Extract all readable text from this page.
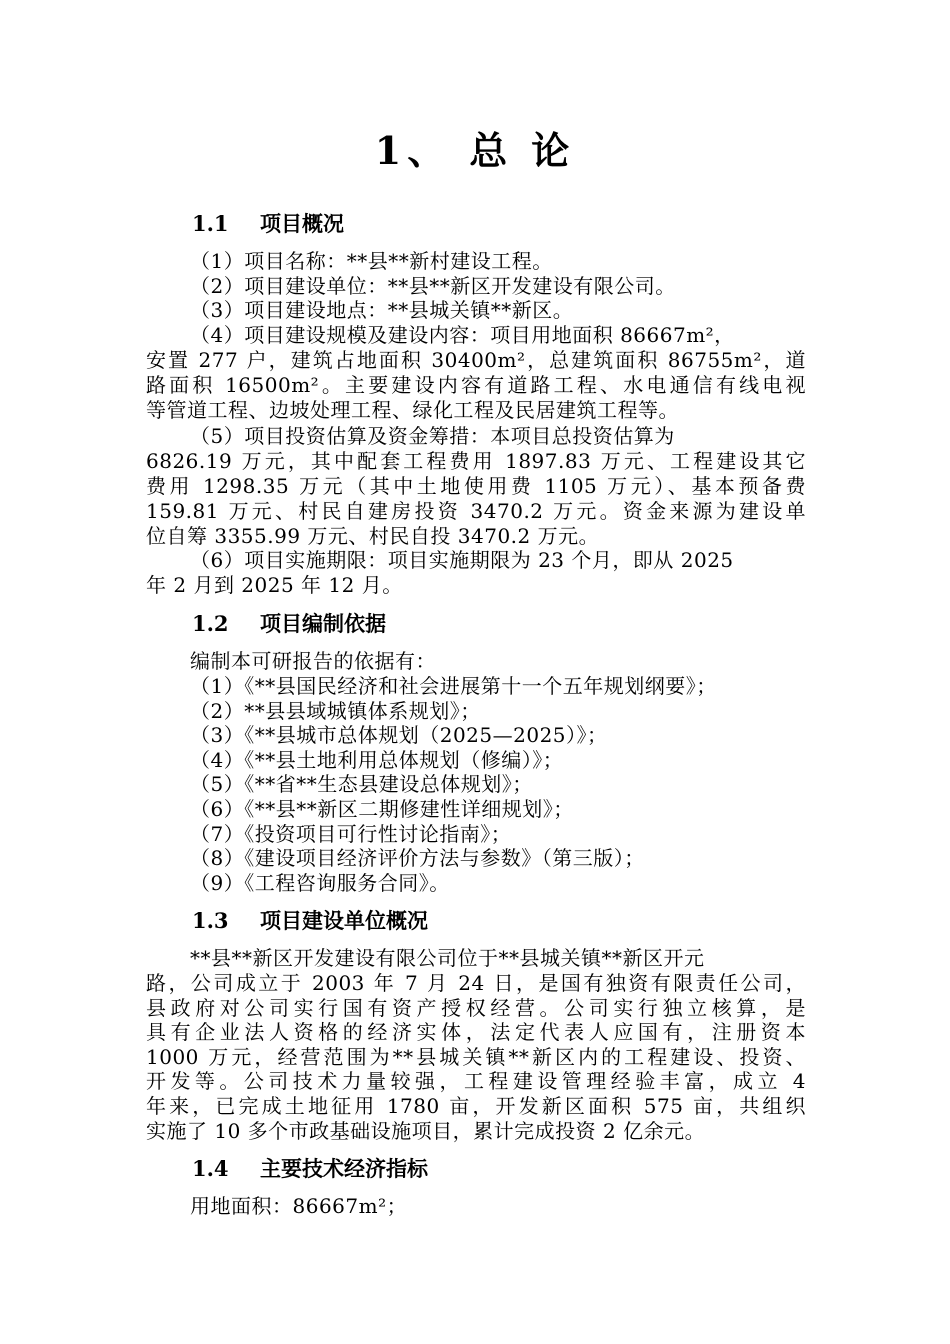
1、 总 论
1.1 项目概况
（1）项目名称：**县**新村建设工程。
（2）项目建设单位：**县**新区开发建设有限公司。
（3）项目建设地点：**县城关镇**新区。
（4）项目建设规模及建设内容：项目用地面积 86667m²，
安置 277 户，建筑占地面积 30400m²，总建筑面积 86755m²，道
路面积 16500m²。主要建设内容有道路工程、水电通信有线电视
等管道工程、边坡处理工程、绿化工程及民居建筑工程等。
（5）项目投资估算及资金筹措：本项目总投资估算为
6826.19 万元，其中配套工程费用 1897.83 万元、工程建设其它
费用 1298.35 万元（其中土地使用费 1105 万元）、基本预备费
159.81 万元、村民自建房投资 3470.2 万元。资金来源为建设单
位自筹 3355.99 万元、村民自投 3470.2 万元。
（6）项目实施期限：项目实施期限为 23 个月，即从 2025
年 2 月到 2025 年 12 月。
1.2 项目编制依据
编制本可研报告的依据有：
（1）《**县国民经济和社会进展第十一个五年规划纲要》；
（2）**县县域城镇体系规划》；
（3）《**县城市总体规划（2025—2025）》；
（4）《**县土地利用总体规划（修编）》；
（5）《**省**生态县建设总体规划》；
（6）《**县**新区二期修建性详细规划》；
（7）《投资项目可行性讨论指南》；
（8）《建设项目经济评价方法与参数》（第三版）；
（9）《工程咨询服务合同》。
1.3 项目建设单位概况
**县**新区开发建设有限公司位于**县城关镇**新区开元
路，公司成立于 2003 年 7 月 24 日，是国有独资有限责任公司，
县政府对公司实行国有资产授权经营。公司实行独立核算，是
具有企业法人资格的经济实体，法定代表人应国有，注册资本
1000 万元，经营范围为**县城关镇**新区内的工程建设、投资、
开发等。公司技术力量较强，工程建设管理经验丰富，成立 4
年来，已完成土地征用 1780 亩，开发新区面积 575 亩，共组织
实施了 10 多个市政基础设施项目，累计完成投资 2 亿余元。
1.4 主要技术经济指标
用地面积：86667m²；
